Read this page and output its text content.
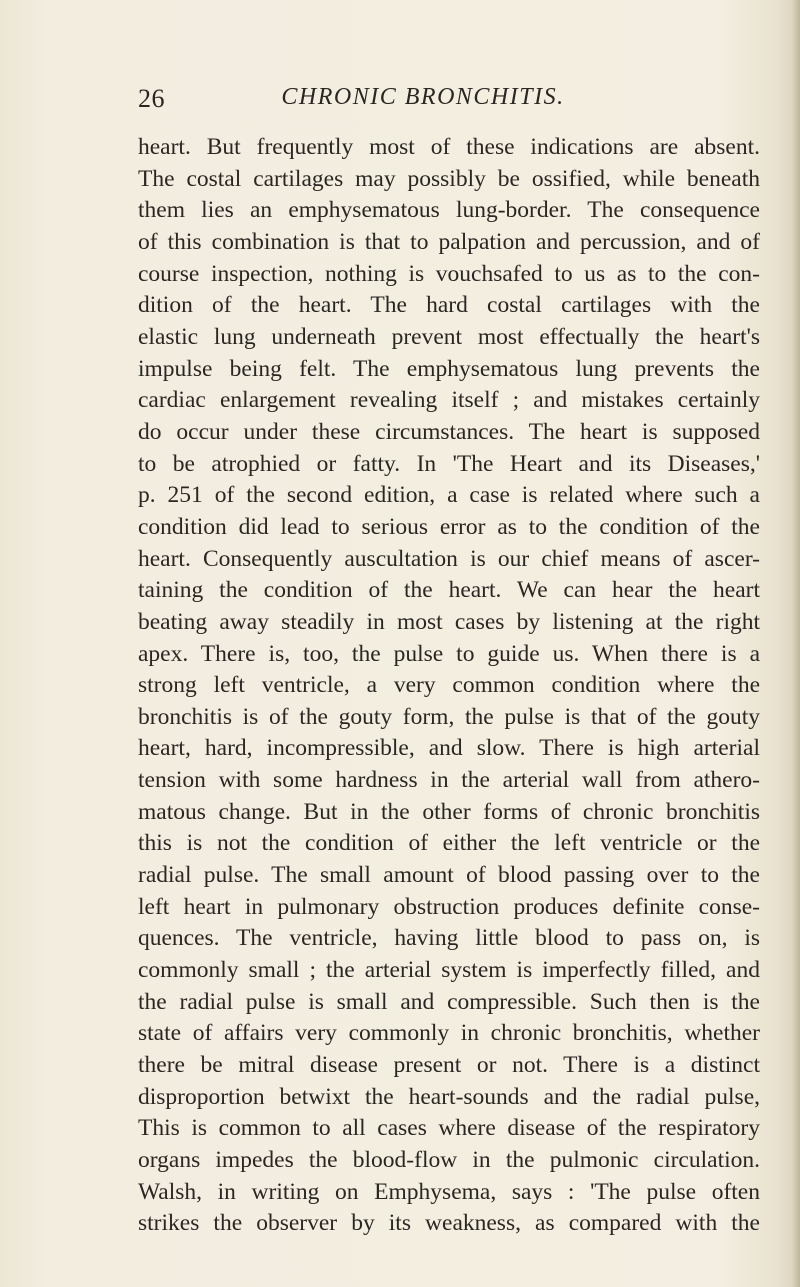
26	CHRONIC BRONCHITIS.
heart. But frequently most of these indications are absent.
The costal cartilages may possibly be ossified, while beneath
them lies an emphysematous lung-border. The consequence
of this combination is that to palpation and percussion, and of
course inspection, nothing is vouchsafed to us as to the con-
dition of the heart. The hard costal cartilages with the
elastic lung underneath prevent most effectually the heart's
impulse being felt. The emphysematous lung prevents the
cardiac enlargement revealing itself ; and mistakes certainly
do occur under these circumstances. The heart is supposed
to be atrophied or fatty. In 'The Heart and its Diseases,'
p. 251 of the second edition, a case is related where such a
condition did lead to serious error as to the condition of the
heart. Consequently auscultation is our chief means of ascer-
taining the condition of the heart. We can hear the heart
beating away steadily in most cases by listening at the right
apex. There is, too, the pulse to guide us. When there is a
strong left ventricle, a very common condition where the
bronchitis is of the gouty form, the pulse is that of the gouty
heart, hard, incompressible, and slow. There is high arterial
tension with some hardness in the arterial wall from athero-
matous change. But in the other forms of chronic bronchitis
this is not the condition of either the left ventricle or the
radial pulse. The small amount of blood passing over to the
left heart in pulmonary obstruction produces definite conse-
quences. The ventricle, having little blood to pass on, is
commonly small ; the arterial system is imperfectly filled, and
the radial pulse is small and compressible. Such then is the
state of affairs very commonly in chronic bronchitis, whether
there be mitral disease present or not. There is a distinct
disproportion betwixt the heart-sounds and the radial pulse,
This is common to all cases where disease of the respiratory
organs impedes the blood-flow in the pulmonic circulation.
Walsh, in writing on Emphysema, says : 'The pulse often
strikes the observer by its weakness, as compared with the
